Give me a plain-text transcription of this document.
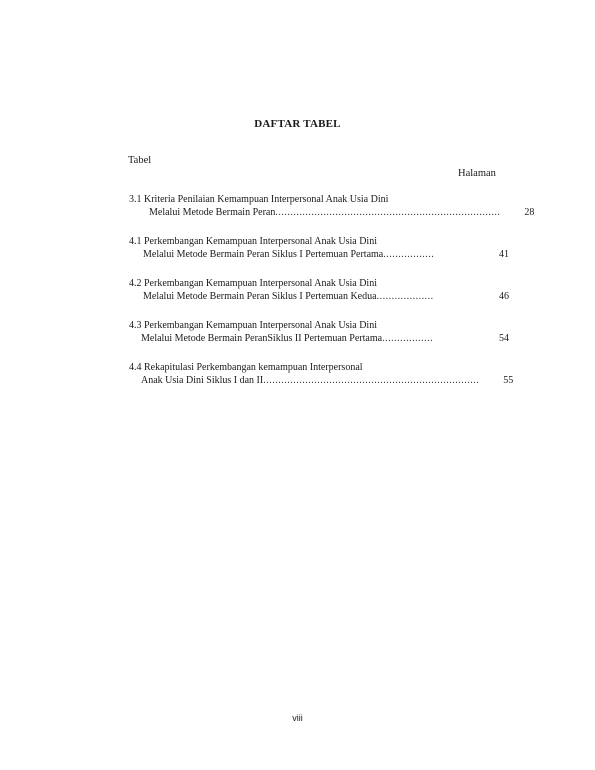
DAFTAR TABEL
Tabel
Halaman
3.1 Kriteria Penilaian Kemampuan Interpersonal Anak Usia Dini
Melalui Metode Bermain Peran ...........................................................................	28
4.1 Perkembangan Kemampuan Interpersonal Anak Usia Dini
Melalui Metode Bermain Peran Siklus I Pertemuan Pertama .................	41
4.2 Perkembangan Kemampuan Interpersonal Anak Usia Dini
Melalui Metode Bermain Peran Siklus I Pertemuan Kedua ...................	46
4.3 Perkembangan Kemampuan Interpersonal Anak Usia Dini
Melalui Metode Bermain PeranSiklus II Pertemuan Pertama .................	54
4.4 Rekapitulasi Perkembangan kemampuan Interpersonal
Anak Usia Dini Siklus I dan II ........................................................................	55
viii
